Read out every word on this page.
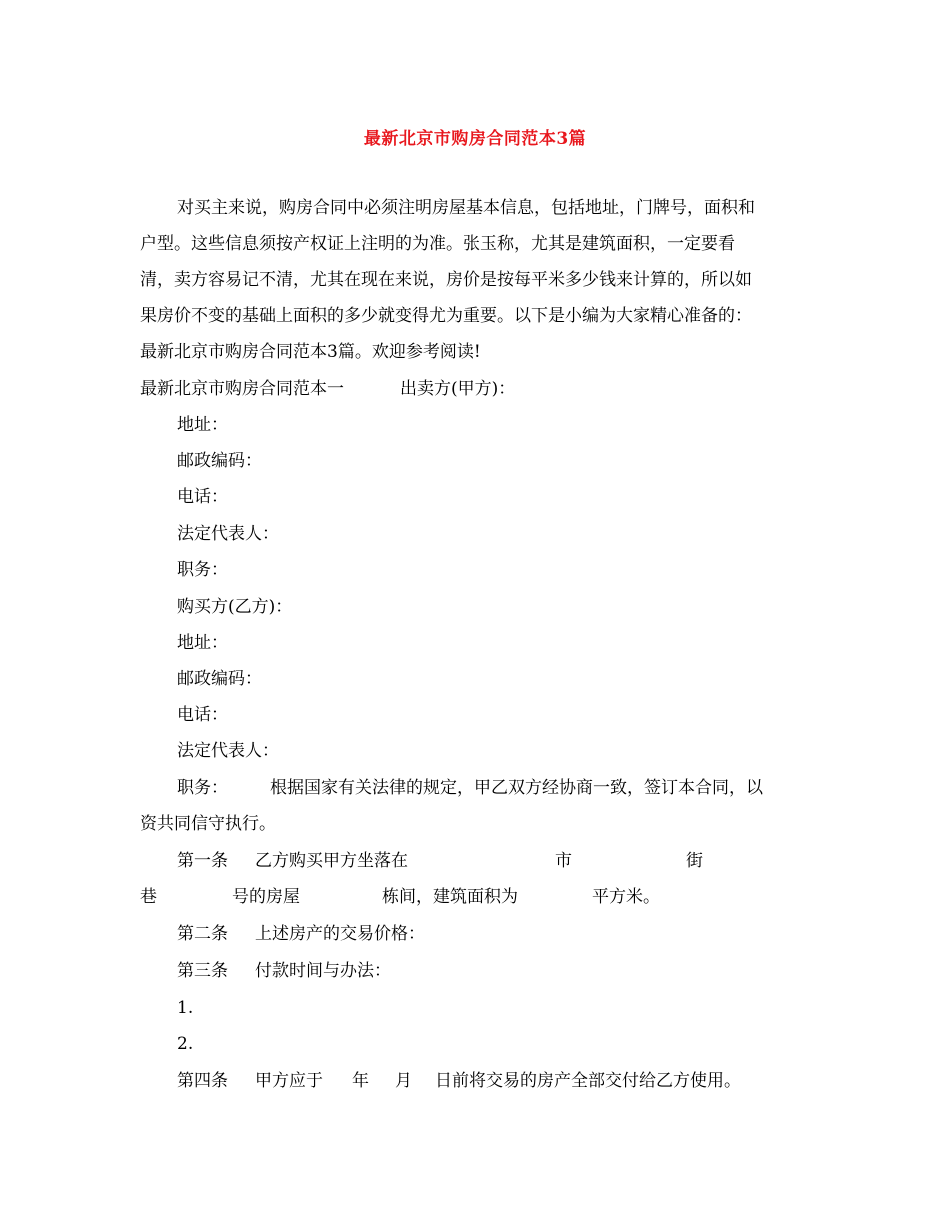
最新北京市购房合同范本3篇
对买主来说，购房合同中必须注明房屋基本信息，包括地址，门牌号，面积和
户型。这些信息须按产权证上注明的为准。张玉称，尤其是建筑面积，一定要看
清，卖方容易记不清，尤其在现在来说，房价是按每平米多少钱来计算的，所以如
果房价不变的基础上面积的多少就变得尤为重要。以下是小编为大家精心准备的：
最新北京市购房合同范本3篇。欢迎参考阅读!
最新北京市购房合同范本一	出卖方(甲方)：
地址：
邮政编码：
电话：
法定代表人：
职务：
购买方(乙方)：
地址：
邮政编码：
电话：
法定代表人：
职务： 根据国家有关法律的规定，甲乙双方经协商一致，签订本合同，以
资共同信守执行。
第一条 乙方购买甲方坐落在	市	街
巷	号的房屋	栋间，建筑面积为	平方米。
第二条 上述房产的交易价格：
第三条 付款时间与办法：
1.
2.
第四条 甲方应于 年 月 日前将交易的房产全部交付给乙方使用。
